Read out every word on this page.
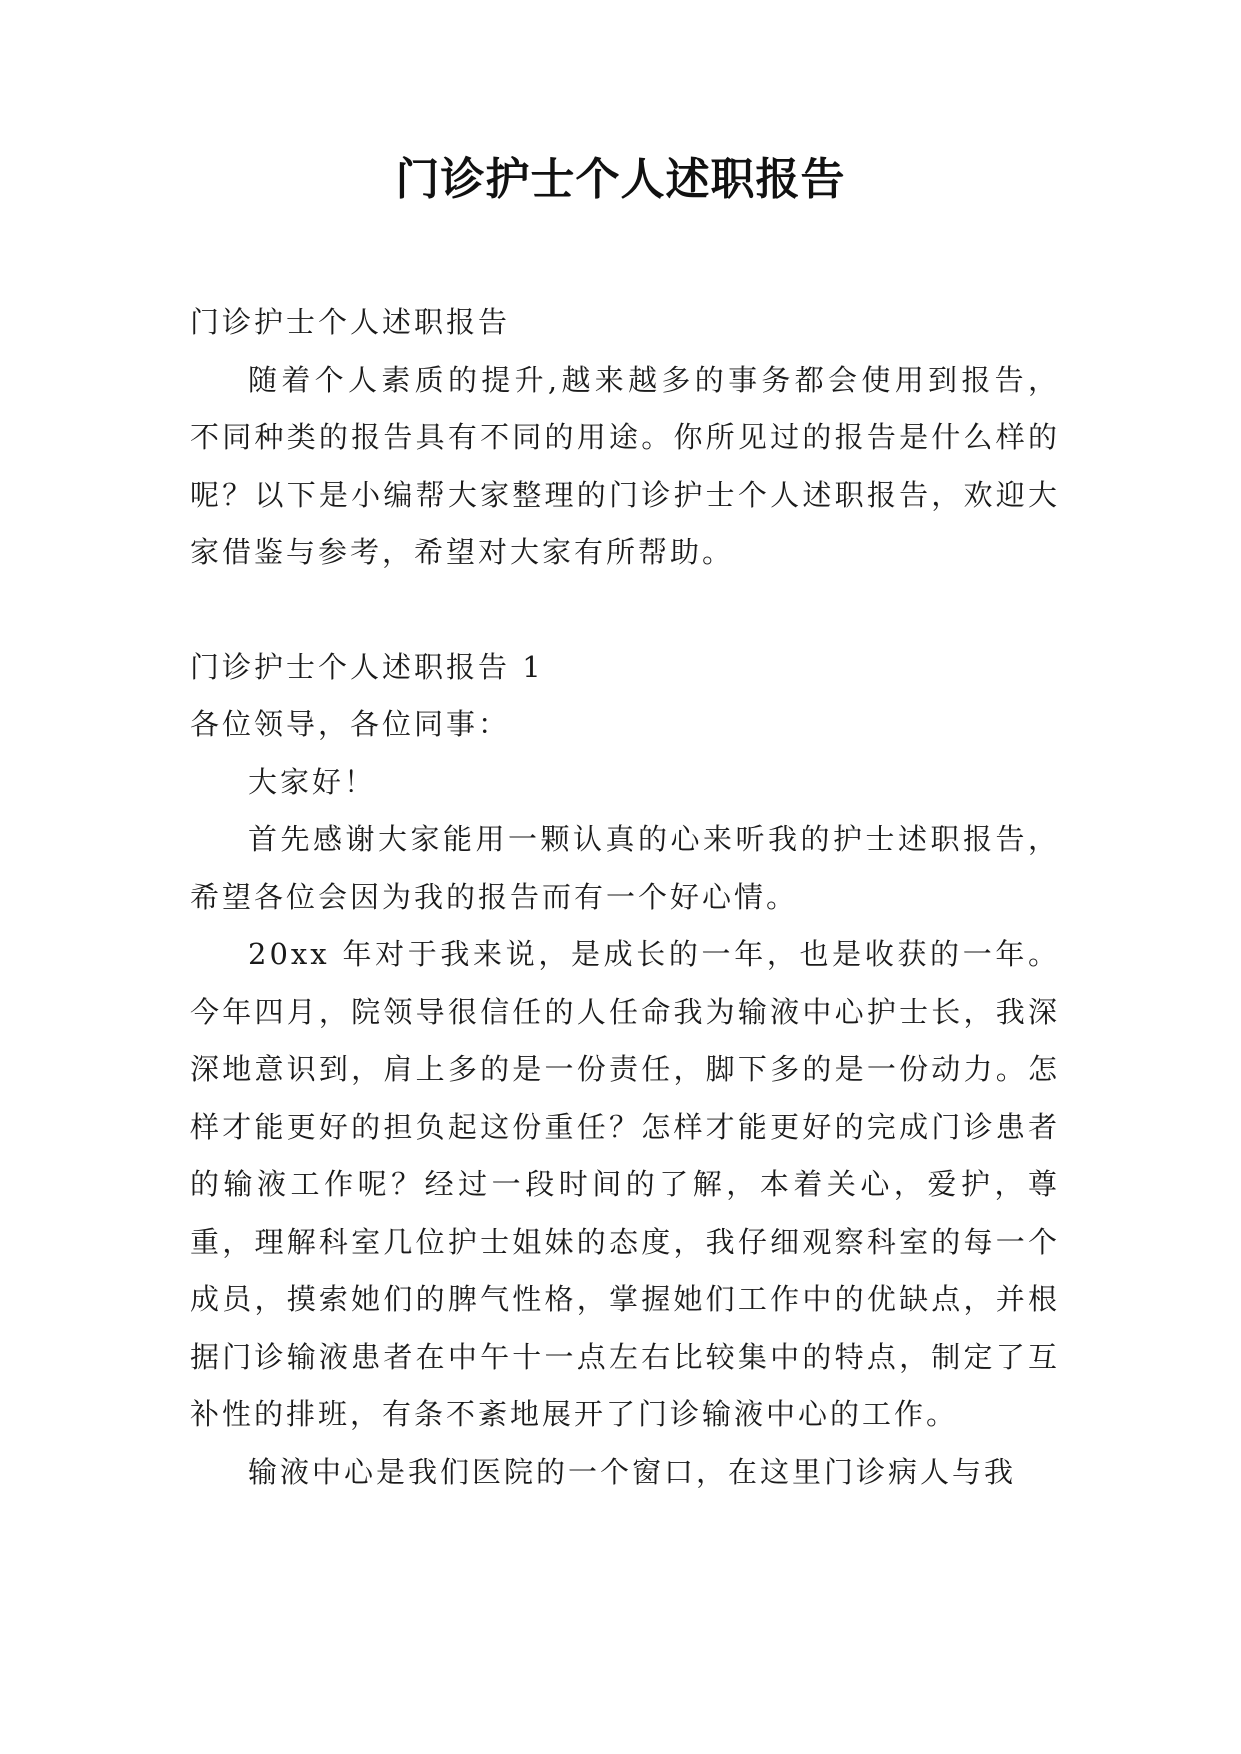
门诊护士个人述职报告

门诊护士个人述职报告

随着个人素质的提升,越来越多的事务都会使用到报告，不同种类的报告具有不同的用途。你所见过的报告是什么样的呢？以下是小编帮大家整理的门诊护士个人述职报告，欢迎大家借鉴与参考，希望对大家有所帮助。

门诊护士个人述职报告 1

各位领导，各位同事：

大家好！

首先感谢大家能用一颗认真的心来听我的护士述职报告，希望各位会因为我的报告而有一个好心情。

20xx 年对于我来说，是成长的一年，也是收获的一年。今年四月，院领导很信任的人任命我为输液中心护士长，我深深地意识到，肩上多的是一份责任，脚下多的是一份动力。怎样才能更好的担负起这份重任？怎样才能更好的完成门诊患者的输液工作呢？经过一段时间的了解，本着关心，爱护，尊重，理解科室几位护士姐妹的态度，我仔细观察科室的每一个成员，摸索她们的脾气性格，掌握她们工作中的优缺点，并根据门诊输液患者在中午十一点左右比较集中的特点，制定了互补性的排班，有条不紊地展开了门诊输液中心的工作。

输液中心是我们医院的一个窗口，在这里门诊病人与我
